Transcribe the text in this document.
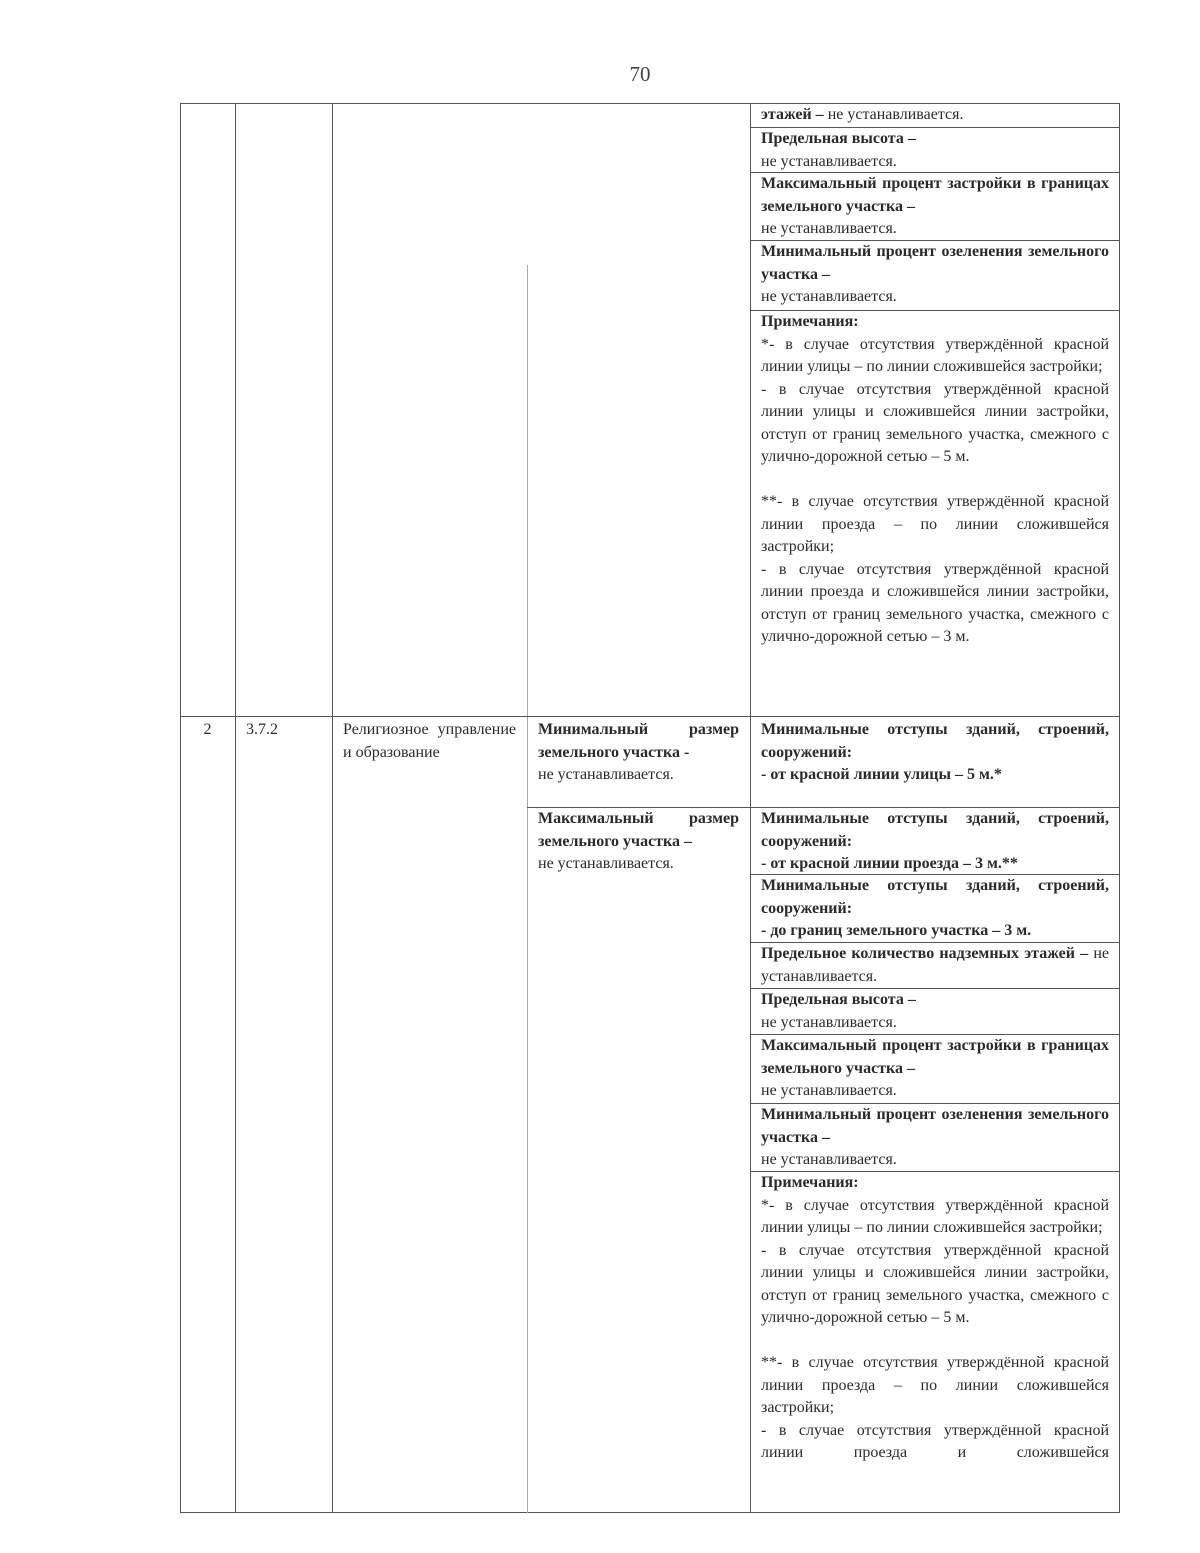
70

этажей – не устанавливается.

Предельная высота –

не устанавливается.

Максимальный процент застройки в границах земельного участка –

не устанавливается.

Минимальный процент озеленения земельного участка –

не устанавливается.

Примечания:

*- в случае отсутствия утверждённой красной линии улицы – по линии сложившейся застройки;

- в случае отсутствия утверждённой красной линии улицы и сложившейся линии застройки, отступ от границ земельного участка, смежного с улично-дорожной сетью – 5 м.

**- в случае отсутствия утверждённой красной линии проезда – по линии сложившейся застройки;

- в случае отсутствия утверждённой красной линии проезда и сложившейся линии застройки, отступ от границ земельного участка, смежного с улично-дорожной сетью – 3 м.

2	3.7.2	Религиозное управление и образование

Минимальный размер земельного участка -

не устанавливается.

Максимальный размер земельного участка –

не устанавливается.

Минимальные отступы зданий, строений, сооружений:

- от красной линии улицы – 5 м.*

Минимальные отступы зданий, строений, сооружений:

- от красной линии проезда – 3 м.**

Минимальные отступы зданий, строений, сооружений:

- до границ земельного участка – 3 м.

Предельное количество надземных этажей – не устанавливается.

Предельная высота –

не устанавливается.

Максимальный процент застройки в границах земельного участка –

не устанавливается.

Минимальный процент озеленения земельного участка –

не устанавливается.

Примечания:

*- в случае отсутствия утверждённой красной линии улицы – по линии сложившейся застройки;

- в случае отсутствия утверждённой красной линии улицы и сложившейся линии застройки, отступ от границ земельного участка, смежного с улично-дорожной сетью – 5 м.

**- в случае отсутствия утверждённой красной линии проезда – по линии сложившейся застройки;

- в случае отсутствия утверждённой красной линии проезда и сложившейся
